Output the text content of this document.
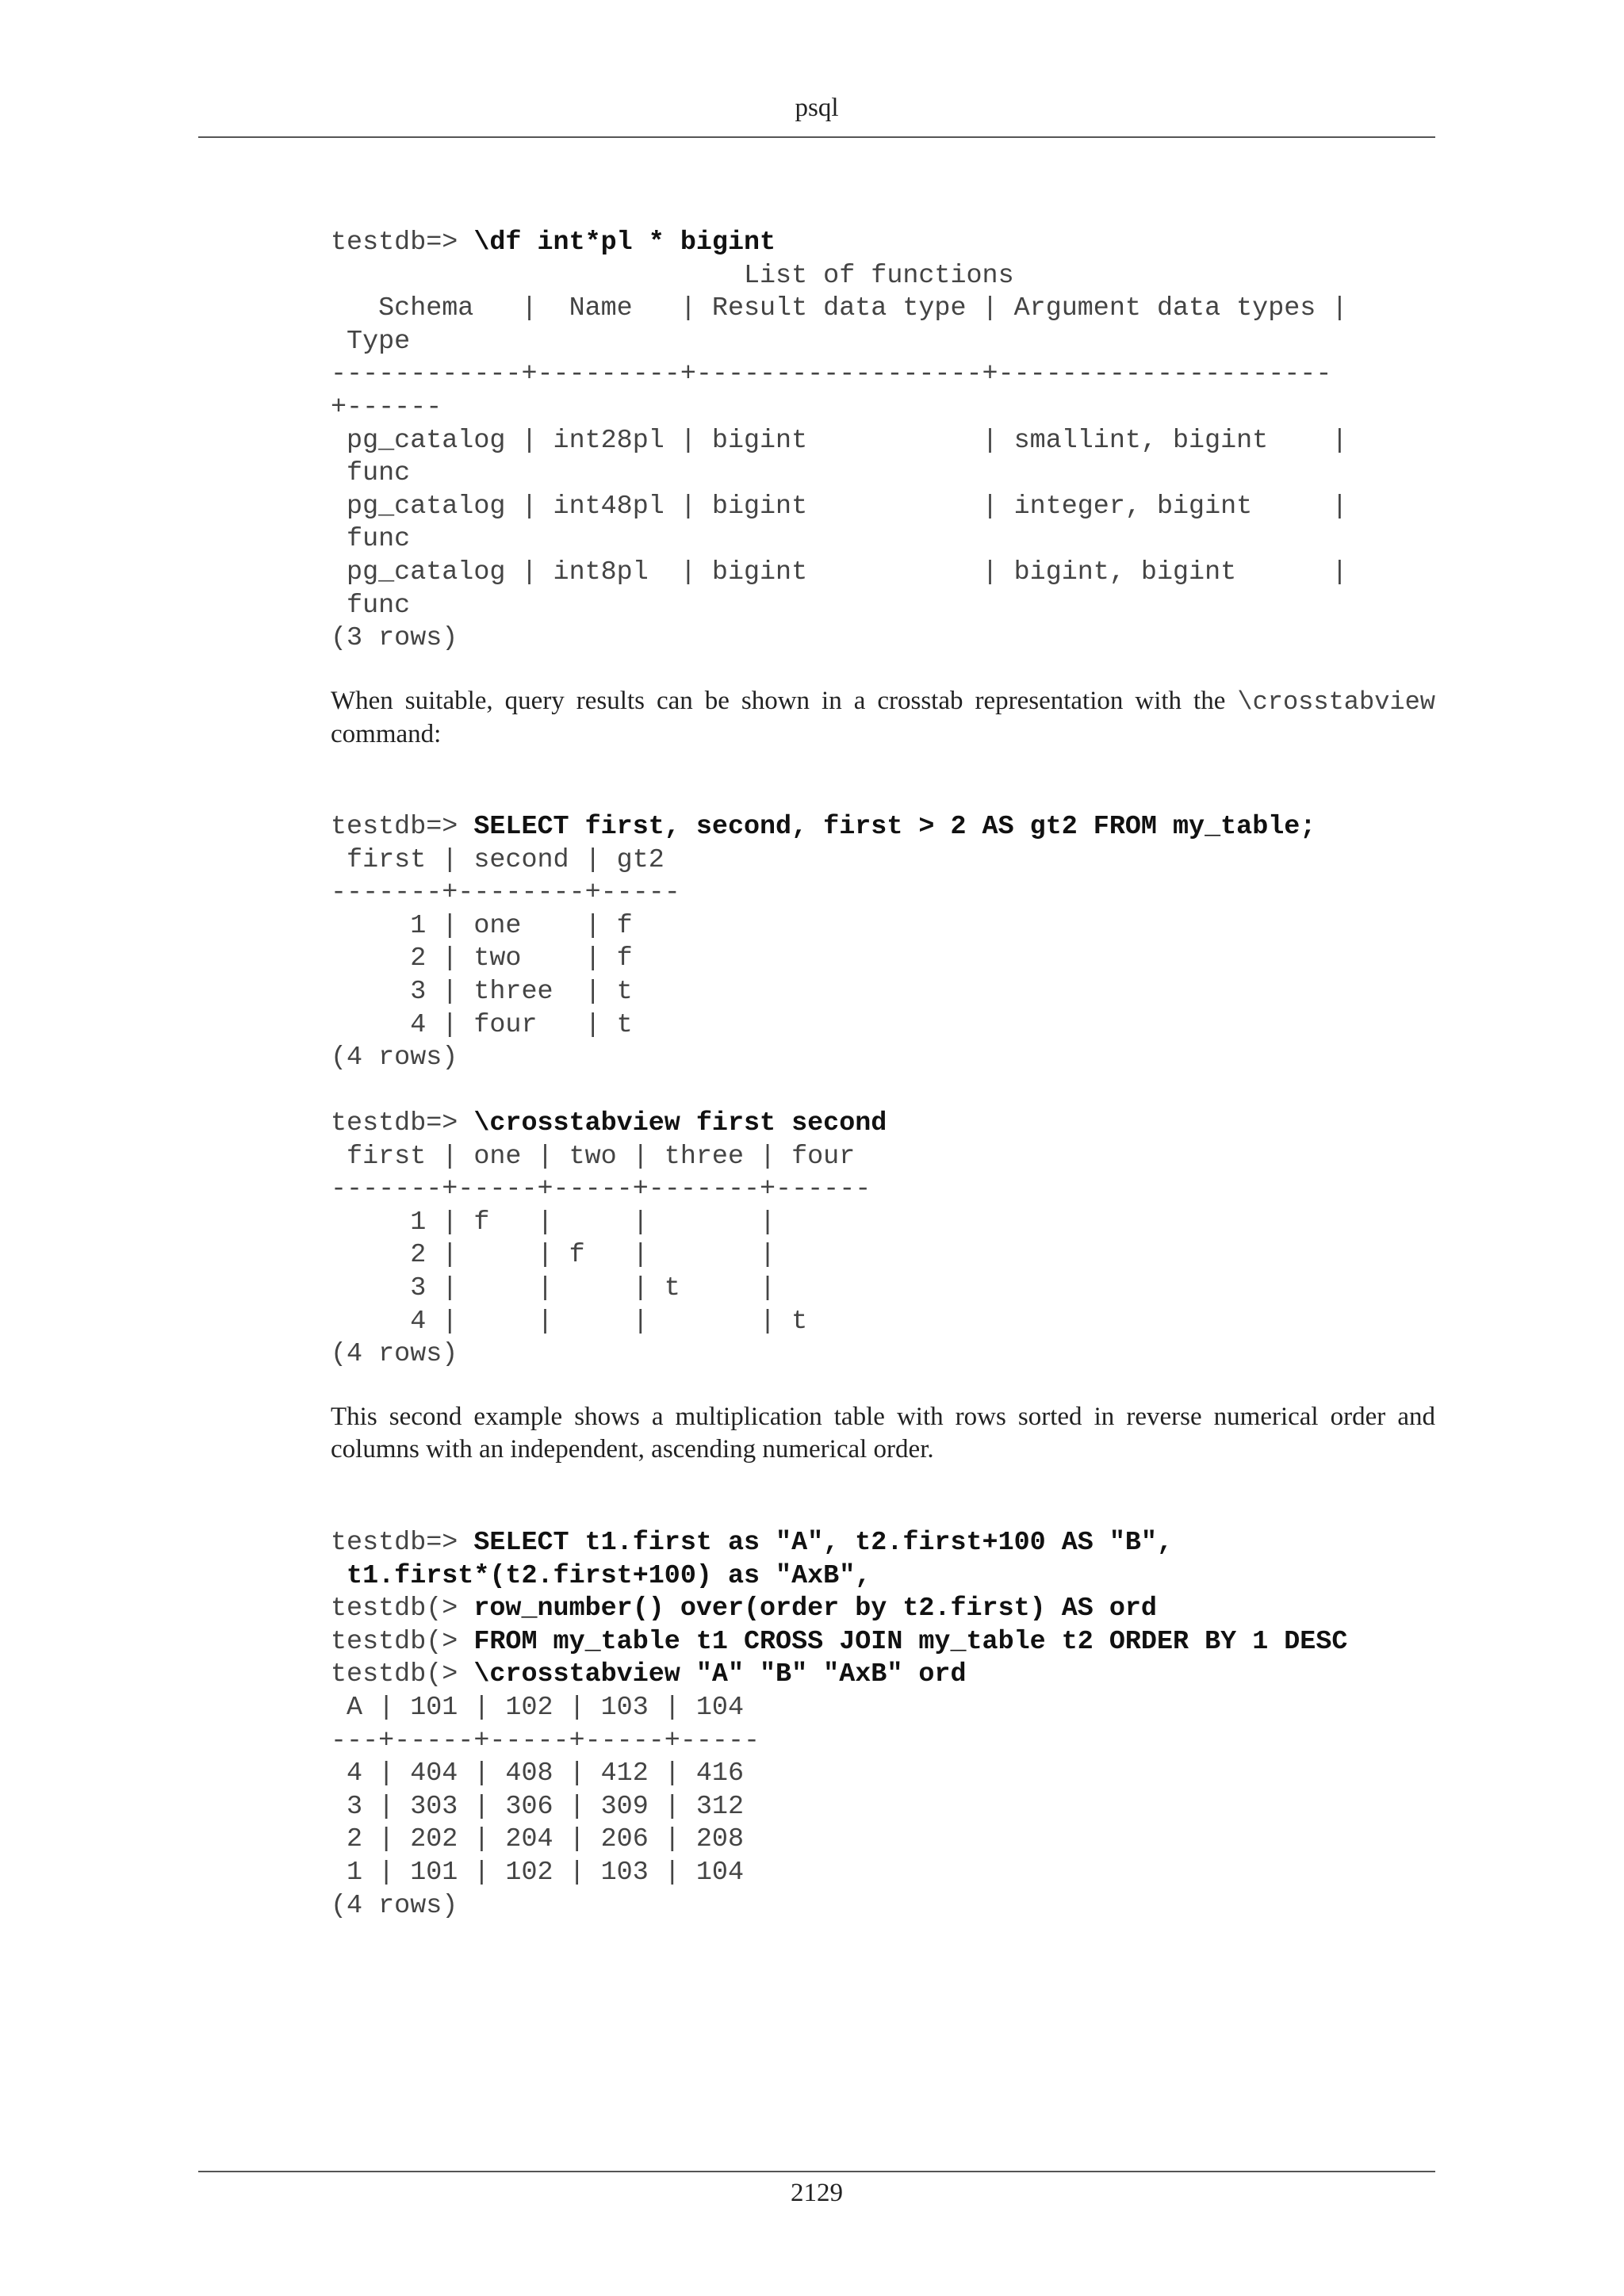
psql
testdb=> \df int*pl * bigint
List of functions
Schema   |  Name   | Result data type | Argument data types |
Type
------------+---------+------------------+---------------------
+------
pg_catalog | int28pl | bigint           | smallint, bigint    |
func
pg_catalog | int48pl | bigint           | integer, bigint     |
func
pg_catalog | int8pl  | bigint           | bigint, bigint      |
func
(3 rows)

When suitable, query results can be shown in a crosstab representation with the \crosstabview command:

testdb=> SELECT first, second, first > 2 AS gt2 FROM my_table;
first | second | gt2
-------+--------+-----
1 | one    | f
2 | two    | f
3 | three  | t
4 | four   | t
(4 rows)
testdb=> \crosstabview first second
first | one | two | three | four
-------+-----+-----+-------+------
1 | f   |     |       |
2 |     | f   |       |
3 |     |     | t     |
4 |     |     |       | t
(4 rows)

This second example shows a multiplication table with rows sorted in reverse numerical order and columns with an independent, ascending numerical order.

testdb=> SELECT t1.first as "A", t2.first+100 AS "B",
t1.first*(t2.first+100) as "AxB",
testdb(> row_number() over(order by t2.first) AS ord
testdb(> FROM my_table t1 CROSS JOIN my_table t2 ORDER BY 1 DESC
testdb(> \crosstabview "A" "B" "AxB" ord
A | 101 | 102 | 103 | 104
---+-----+-----+-----+-----
4 | 404 | 408 | 412 | 416
3 | 303 | 306 | 309 | 312
2 | 202 | 204 | 206 | 208
1 | 101 | 102 | 103 | 104
(4 rows)
2129
